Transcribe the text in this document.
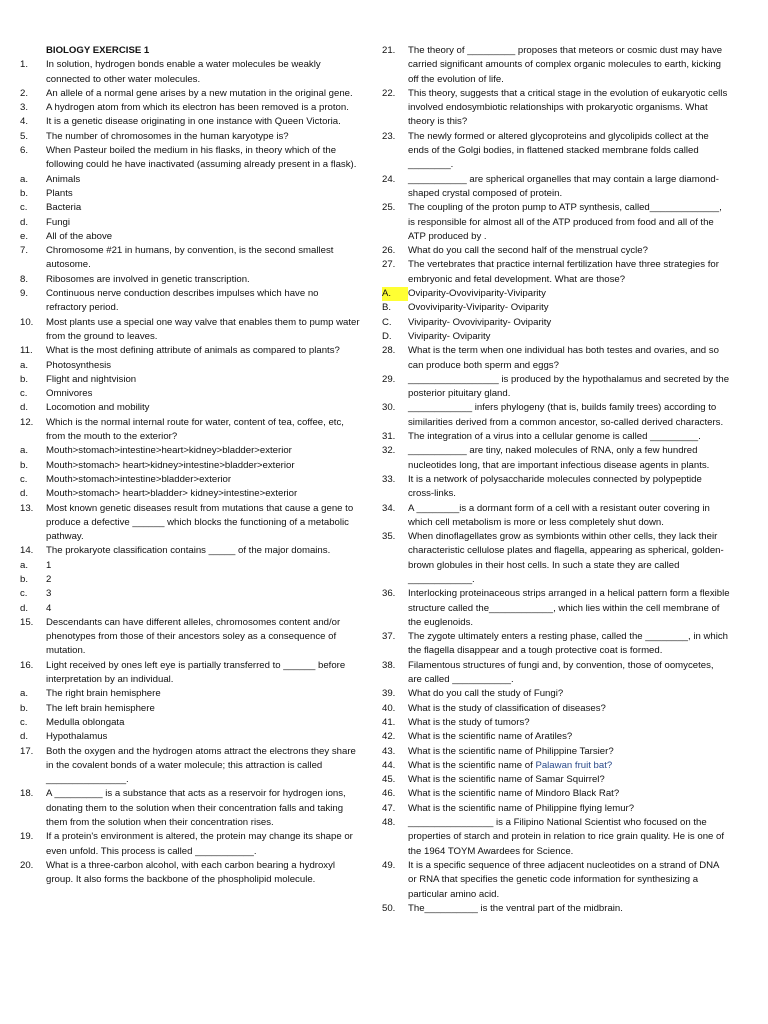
BIOLOGY EXERCISE 1
1.	In solution, hydrogen bonds enable a water molecules be weakly connected to other water molecules.
2.	An allele of a normal gene arises by a new mutation in the original gene.
3.	A hydrogen atom from which its electron has been removed is a proton.
4.	It is a genetic disease originating in one instance with Queen Victoria.
5.	The number of chromosomes in the human karyotype is?
6.	When Pasteur boiled the medium in his flasks, in theory which of the following could he have inactivated (assuming already present in a flask).
a.	Animals
b.	Plants
c.	Bacteria
d.	Fungi
e.	All of the above
7.	Chromosome #21 in humans, by convention, is the second smallest autosome.
8.	Ribosomes are involved in genetic transcription.
9.	Continuous nerve conduction describes impulses which have no refractory period.
10.	Most plants use a special one way valve that enables them to pump water from the ground to leaves.
11.	What is the most defining attribute of animals as compared to plants?
a.	Photosynthesis
b.	Flight and nightvision
c.	Omnivores
d.	Locomotion and mobility
12.	Which is the normal internal route for water, content of tea, coffee, etc, from the mouth to the exterior?
a.	Mouth>stomach>intestine>heart>kidney>bladder>exterior
b.	Mouth>stomach> heart>kidney>intestine>bladder>exterior
c.	Mouth>stomach>intestine>bladder>exterior
d.	Mouth>stomach> heart>bladder> kidney>intestine>exterior
13.	Most known genetic diseases result from mutations that cause a gene to produce a defective ______ which blocks the functioning of a metabolic pathway.
14.	The prokaryote classification contains _____ of the major domains.
a.	1
b.	2
c.	3
d.	4
15.	Descendants can have different alleles, chromosomes content and/or phenotypes from those of their ancestors soley as a consequence of mutation.
16.	Light received by ones left eye is partially transferred to ______ before interpretation by an individual.
a.	The right brain hemisphere
b.	The left brain hemisphere
c.	Medulla oblongata
d.	Hypothalamus
17.	Both the oxygen and the hydrogen atoms attract the electrons they share in the covalent bonds of a water molecule; this attraction is called _______________.
18.	A _________ is a substance that acts as a reservoir for hydrogen ions, donating them to the solution when their concentration falls and taking them from the solution when their concentration rises.
19.	If a protein's environment is altered, the protein may change its shape or even unfold. This process is called ___________.
20.	What is a three-carbon alcohol, with each carbon bearing a hydroxyl group. It also forms the backbone of the phospholipid molecule.
21.	The theory of _________ proposes that meteors or cosmic dust may have carried significant amounts of complex organic molecules to earth, kicking off the evolution of life.
22.	This theory, suggests that a critical stage in the evolution of eukaryotic cells involved endosymbiotic relationships with prokaryotic organisms. What theory is this?
23.	The newly formed or altered glycoproteins and glycolipids collect at the ends of the Golgi bodies, in flattened stacked membrane folds called ________.
24.	___________ are spherical organelles that may contain a large diamond-shaped crystal composed of protein.
25.	The coupling of the proton pump to ATP synthesis, called_____________, is responsible for almost all of the ATP produced from food and all of the ATP produced by .
26.	What do you call the second half of the menstrual cycle?
27.	The vertebrates that practice internal fertilization have three strategies for embryonic and fetal development. What are those?
A.	Oviparity-Ovoviviparity-Viviparity
B.	Ovoviviparity-Viviparity- Oviparity
C.	Viviparity- Ovoviviparity- Oviparity
D.	Viviparity- Oviparity
28.	What is the term when one individual has both testes and ovaries, and so can produce both sperm and eggs?
29.	_________________ is produced by the hypothalamus and secreted by the posterior pituitary gland.
30.	____________ infers phylogeny (that is, builds family trees) according to similarities derived from a common ancestor, so-called derived characters.
31.	The integration of a virus into a cellular genome is called _________.
32.	___________ are tiny, naked molecules of RNA, only a few hundred nucleotides long, that are important infectious disease agents in plants.
33.	It is a network of polysaccharide molecules connected by polypeptide cross-links.
34.	A ________is a dormant form of a cell with a resistant outer covering in which cell metabolism is more or less completely shut down.
35.	When dinoflagellates grow as symbionts within other cells, they lack their characteristic cellulose plates and flagella, appearing as spherical, golden-brown globules in their host cells. In such a state they are called ____________.
36.	Interlocking proteinaceous strips arranged in a helical pattern form a flexible structure called the____________, which lies within the cell membrane of the euglenoids.
37.	The zygote ultimately enters a resting phase, called the ________, in which the flagella disappear and a tough protective coat is formed.
38.	Filamentous structures of fungi and, by convention, those of oomycetes, are called ___________.
39.	What do you call the study of Fungi?
40.	What is the study of classification of diseases?
41.	What is the study of tumors?
42.	What is the scientific name of Aratiles?
43.	What is the scientific name of Philippine Tarsier?
44.	What is the scientific name of Palawan fruit bat?
45.	What is the scientific name of Samar Squirrel?
46.	What is the scientific name of Mindoro Black Rat?
47.	What is the scientific name of Philippine flying lemur?
48.	________________ is a Filipino National Scientist who focused on the properties of starch and protein in relation to rice grain quality. He is one of the 1964 TOYM Awardees for Science.
49.	It is a specific sequence of three adjacent nucleotides on a strand of DNA or RNA that specifies the genetic code information for synthesizing a particular amino acid.
50.	The__________ is the ventral part of the midbrain.
